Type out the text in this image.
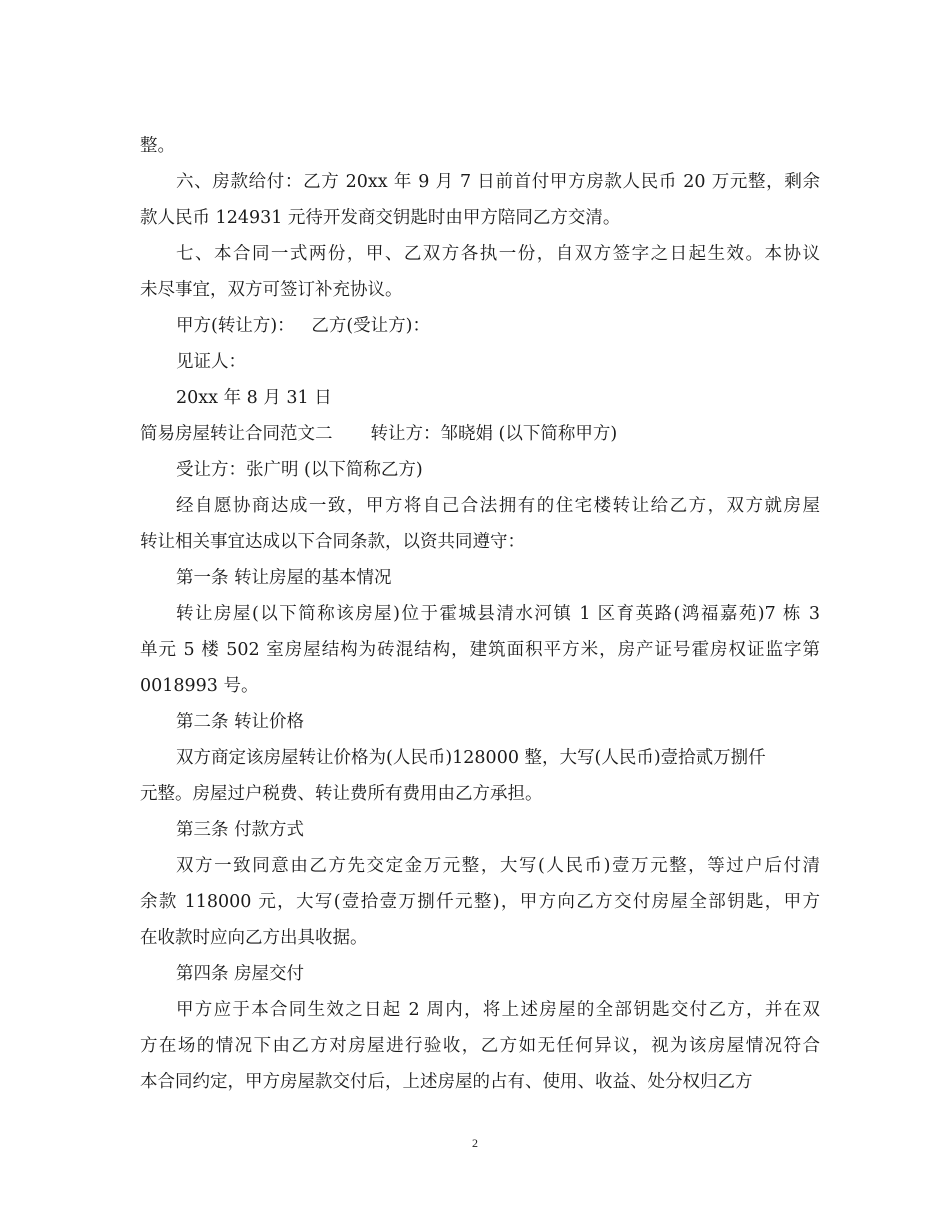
整。
六、房款给付：乙方 20xx 年 9 月 7 日前首付甲方房款人民币 20 万元整，剩余
款人民币 124931 元待开发商交钥匙时由甲方陪同乙方交清。
七、本合同一式两份，甲、乙双方各执一份，自双方签字之日起生效。本协议
未尽事宜，双方可签订补充协议。
甲方(转让方)：   乙方(受让方)：
见证人：
20xx 年 8 月 31 日
简易房屋转让合同范文二 转让方：邹晓娟 (以下简称甲方)
受让方：张广明 (以下简称乙方)
经自愿协商达成一致，甲方将自己合法拥有的住宅楼转让给乙方，双方就房屋
转让相关事宜达成以下合同条款，以资共同遵守：
第一条 转让房屋的基本情况
转让房屋(以下简称该房屋)位于霍城县清水河镇 1 区育英路(鸿福嘉苑)7 栋 3
单元 5 楼 502 室房屋结构为砖混结构，建筑面积平方米，房产证号霍房权证监字第
0018993 号。
第二条 转让价格
双方商定该房屋转让价格为(人民币)128000 整，大写(人民币)壹拾贰万捌仟
元整。房屋过户税费、转让费所有费用由乙方承担。
第三条 付款方式
双方一致同意由乙方先交定金万元整，大写(人民币)壹万元整，等过户后付清
余款 118000 元，大写(壹拾壹万捌仟元整)，甲方向乙方交付房屋全部钥匙，甲方
在收款时应向乙方出具收据。
第四条 房屋交付
甲方应于本合同生效之日起 2 周内，将上述房屋的全部钥匙交付乙方，并在双
方在场的情况下由乙方对房屋进行验收，乙方如无任何异议，视为该房屋情况符合
本合同约定，甲方房屋款交付后，上述房屋的占有、使用、收益、处分权归乙方
2
